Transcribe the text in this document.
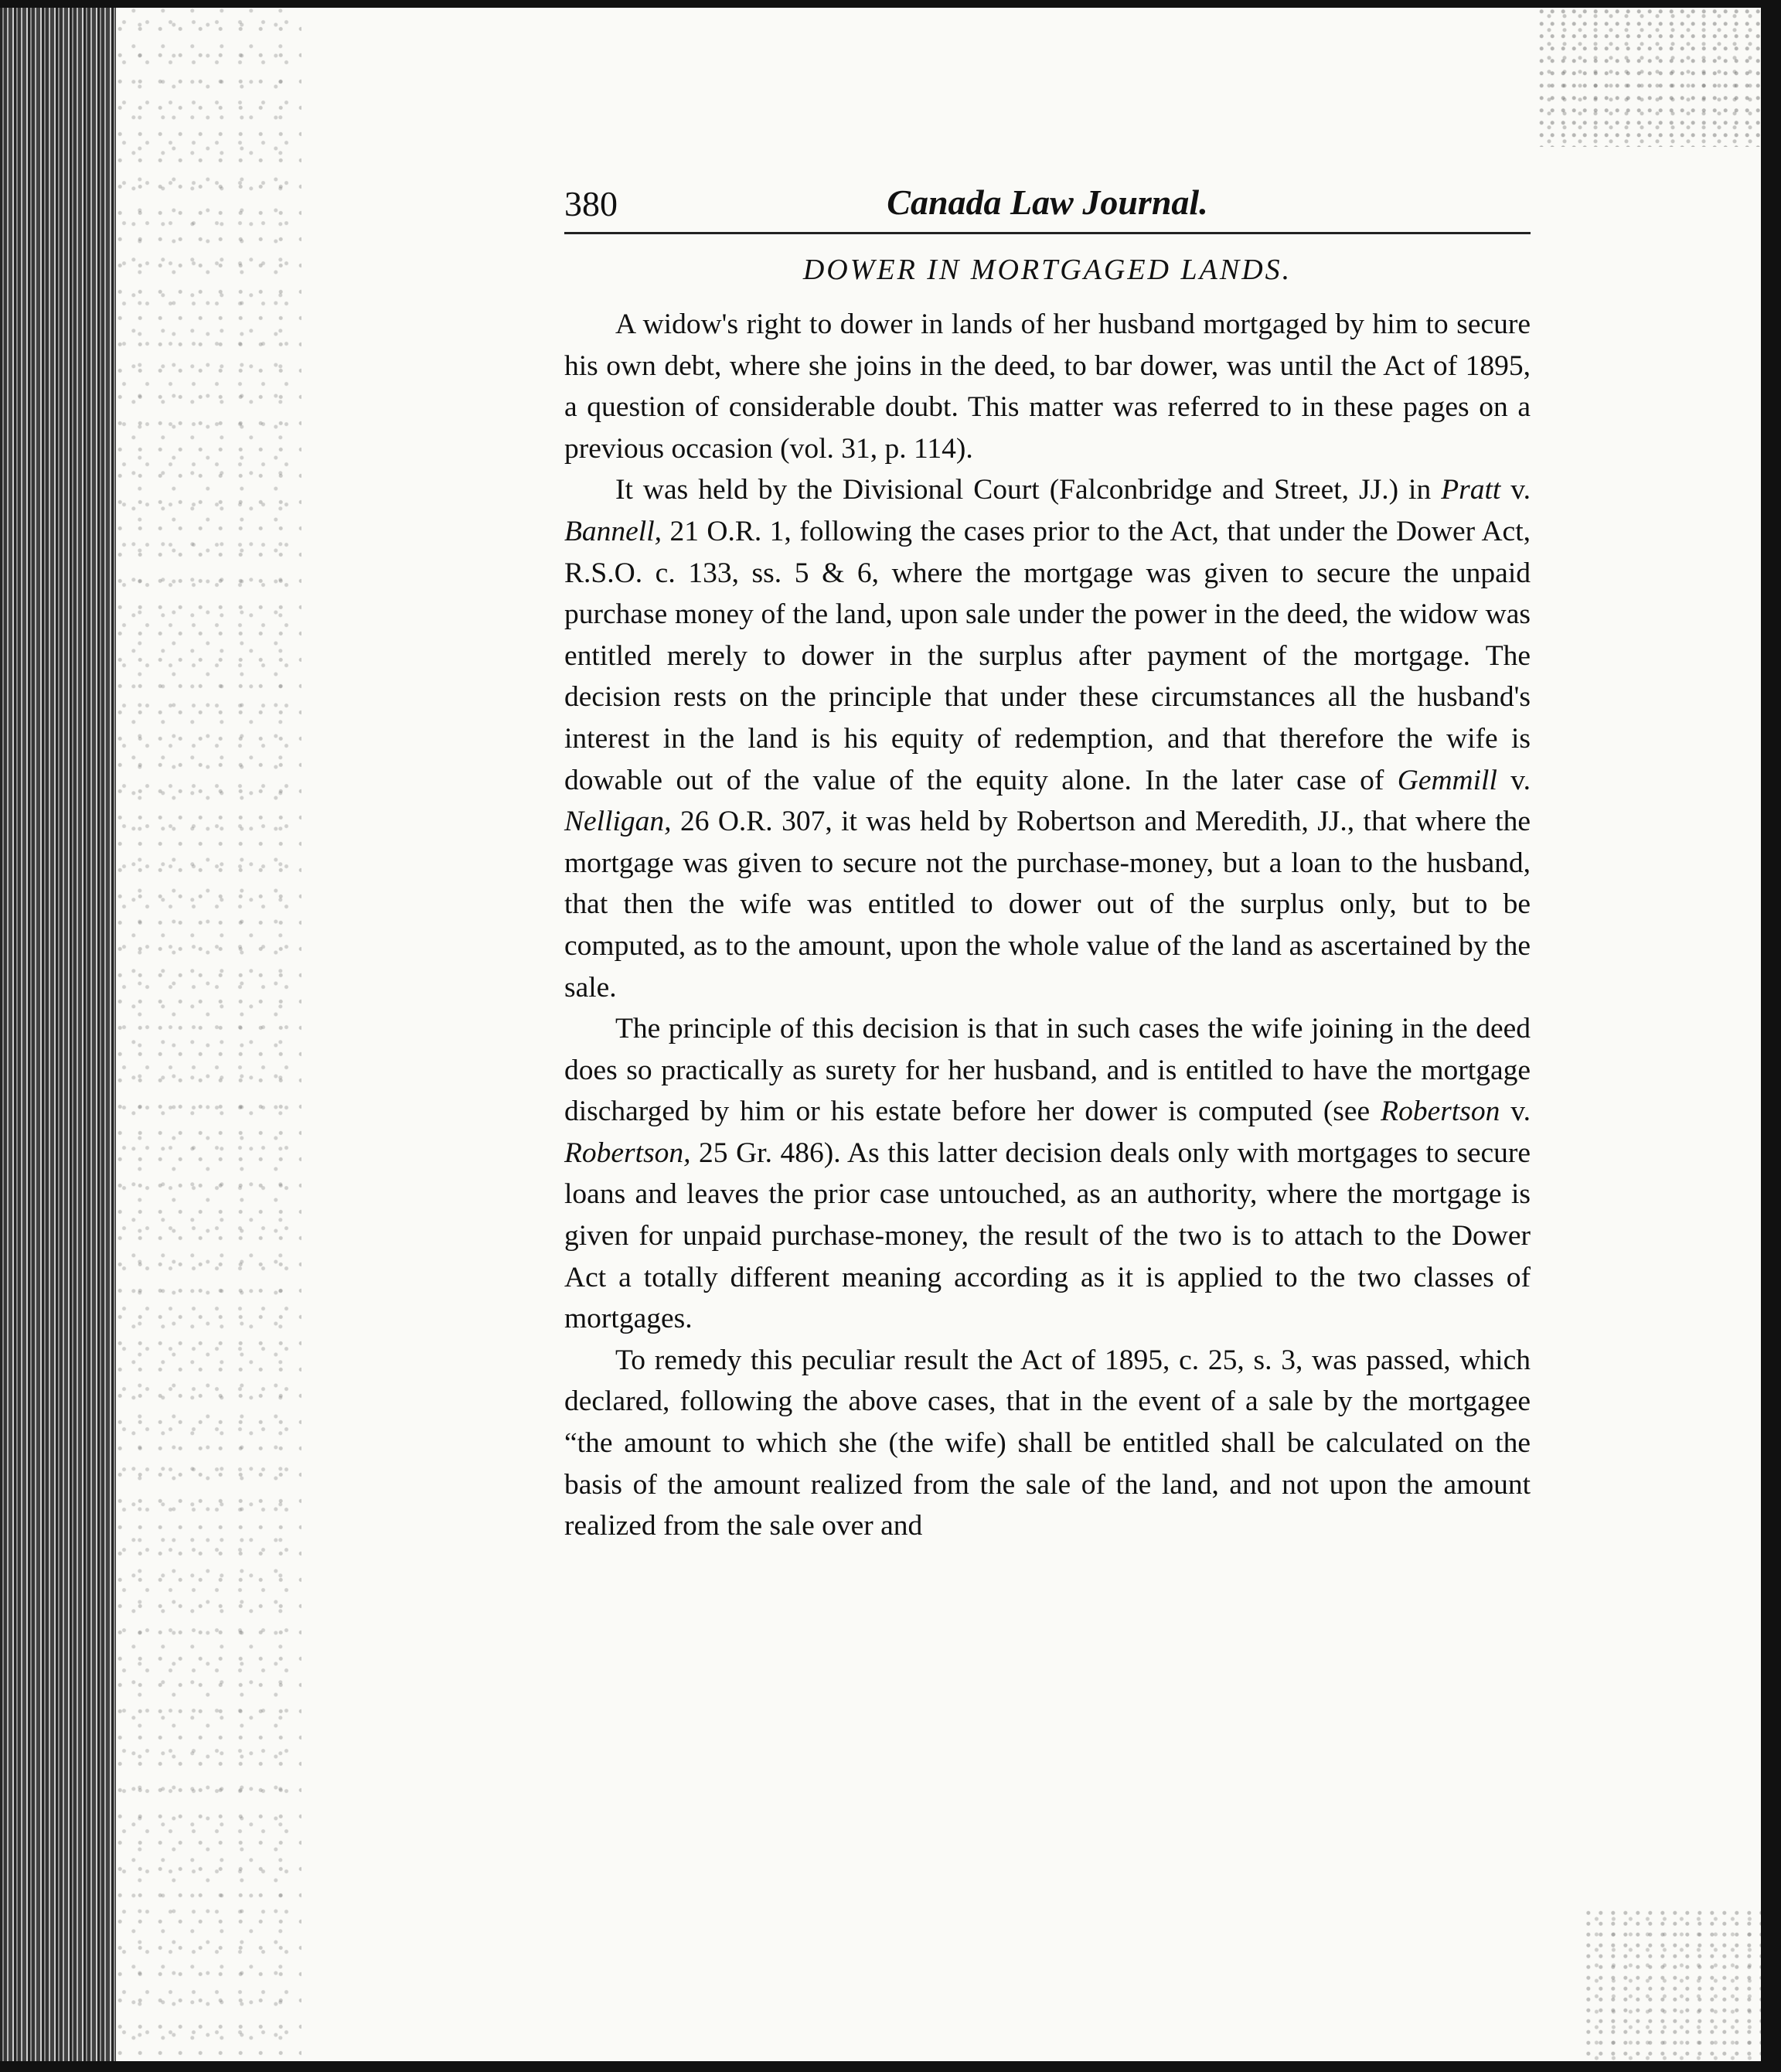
380	Canada Law Journal.
DOWER IN MORTGAGED LANDS.

A widow's right to dower in lands of her husband mortgaged by him to secure his own debt, where she joins in the deed, to bar dower, was until the Act of 1895, a question of considerable doubt. This matter was referred to in these pages on a previous occasion (vol. 31, p. 114).

It was held by the Divisional Court (Falconbridge and Street, JJ.) in Pratt v. Bannell, 21 O.R. 1, following the cases prior to the Act, that under the Dower Act, R.S.O. c. 133, ss. 5 & 6, where the mortgage was given to secure the unpaid purchase money of the land, upon sale under the power in the deed, the widow was entitled merely to dower in the surplus after payment of the mortgage. The decision rests on the principle that under these circumstances all the husband's interest in the land is his equity of redemption, and that therefore the wife is dowable out of the value of the equity alone. In the later case of Gemmill v. Nelligan, 26 O.R. 307, it was held by Robertson and Meredith, JJ., that where the mortgage was given to secure not the purchase-money, but a loan to the husband, that then the wife was entitled to dower out of the surplus only, but to be computed, as to the amount, upon the whole value of the land as ascertained by the sale.

The principle of this decision is that in such cases the wife joining in the deed does so practically as surety for her husband, and is entitled to have the mortgage discharged by him or his estate before her dower is computed (see Robertson v. Robertson, 25 Gr. 486). As this latter decision deals only with mortgages to secure loans and leaves the prior case untouched, as an authority, where the mortgage is given for unpaid purchase-money, the result of the two is to attach to the Dower Act a totally different meaning according as it is applied to the two classes of mortgages.

To remedy this peculiar result the Act of 1895, c. 25, s. 3, was passed, which declared, following the above cases, that in the event of a sale by the mortgagee “the amount to which she (the wife) shall be entitled shall be calculated on the basis of the amount realized from the sale of the land, and not upon the amount realized from the sale over and
